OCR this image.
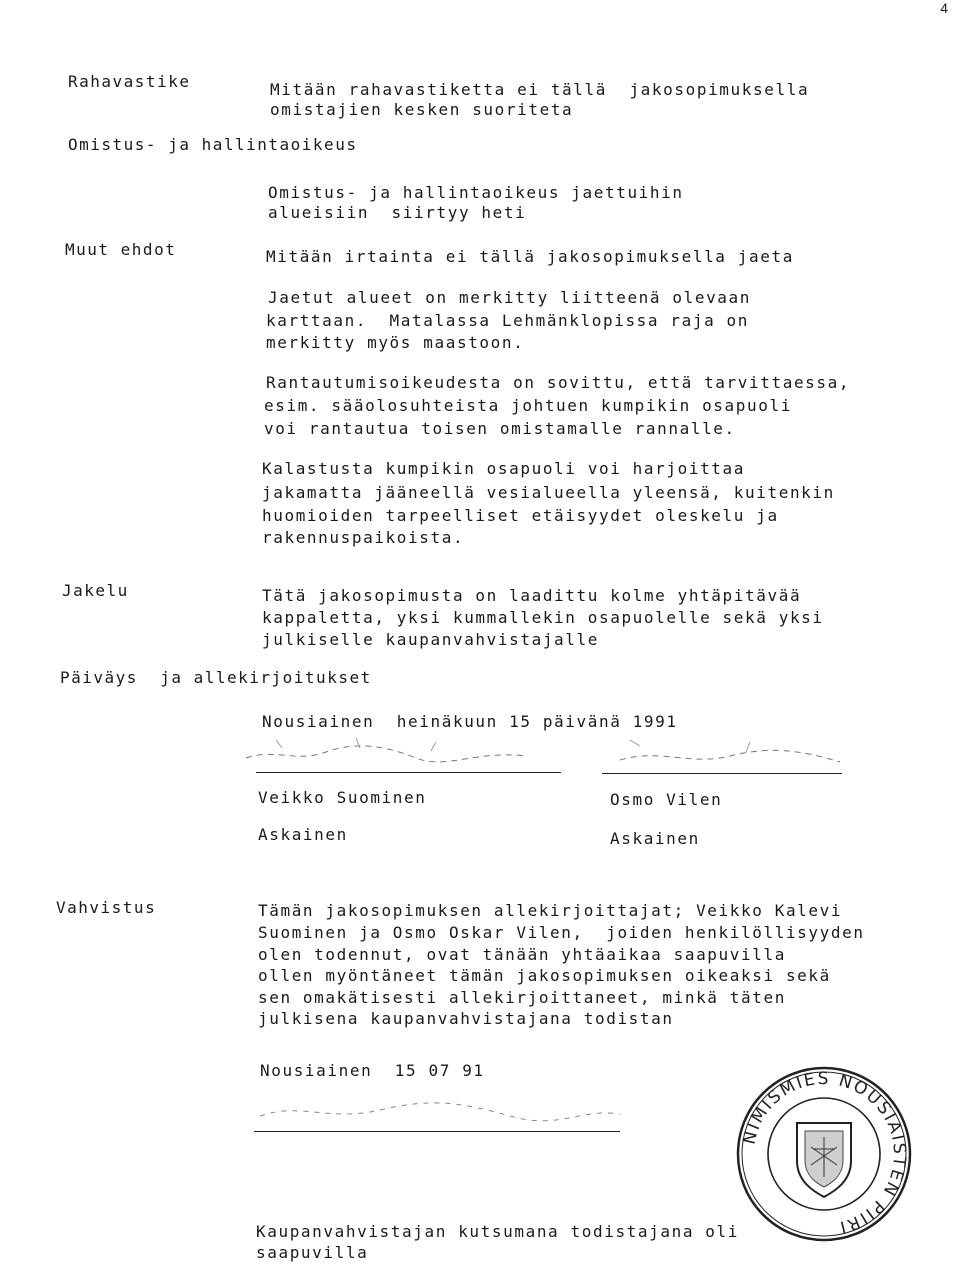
4
Rahavastike	Mitään rahavastiketta ei tällä  jakosopimuksella
omistajien kesken suoriteta
Omistus- ja hallintaoikeus
Omistus- ja hallintaoikeus jaettuihin
alueisiin  siirtyy heti
Muut ehdot	Mitään irtainta ei tällä jakosopimuksella jaeta
Jaetut alueet on merkitty liitteenä olevaan
karttaan.  Matalassa Lehmänklopissa raja on
merkitty myös maastoon.
Rantautumisoikeudesta on sovittu, että tarvittaessa,
esim. sääolosuhteista johtuen kumpikin osapuoli
voi rantautua toisen omistamalle rannalle.
Kalastusta kumpikin osapuoli voi harjoittaa
jakamatta jääneellä vesialueella yleensä, kuitenkin
huomioiden tarpeelliset etäisyydet oleskelu ja
rakennuspaikoista.
Jakelu	Tätä jakosopimusta on laadittu kolme yhtäpitävää
kappaletta, yksi kummallekin osapuolelle sekä yksi
julkiselle kaupanvahvistajalle
Päiväys  ja allekirjoitukset
Nousiainen  heinäkuun 15 päivänä 1991
Veikko Suominen	Osmo Vilen
Askainen	Askainen
Vahvistus	Tämän jakosopimuksen allekirjoittajat; Veikko Kalevi
Suominen ja Osmo Oskar Vilen,  joiden henkilöllisyyden
olen todennut, ovat tänään yhtäaikaa saapuvilla
ollen myöntäneet tämän jakosopimuksen oikeaksi sekä
sen omakätisesti allekirjoittaneet, minkä täten
julkisena kaupanvahvistajana todistan
Nousiainen  15 07 91
NIMISMIES NOUSIAISTEN PIIRI
Kaupanvahvistajan kutsumana todistajana oli
saapuvilla
